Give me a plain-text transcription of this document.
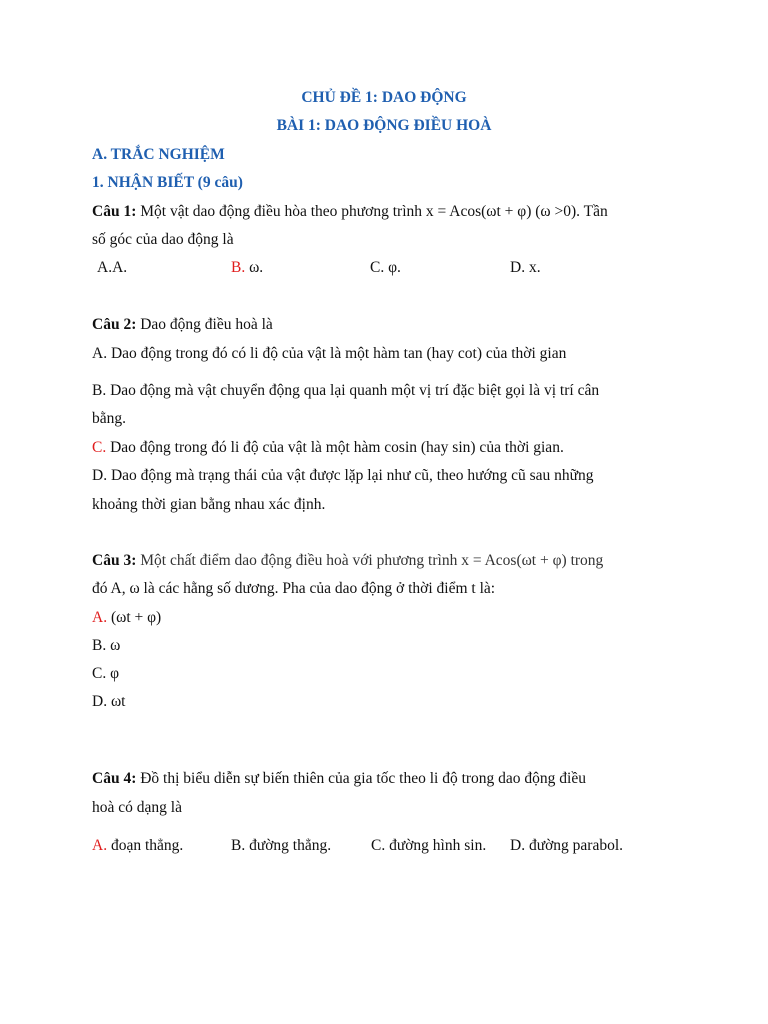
CHỦ ĐỀ 1: DAO ĐỘNG
BÀI 1: DAO ĐỘNG ĐIỀU HOÀ
A. TRẮC NGHIỆM
1. NHẬN BIẾT (9 câu)
Câu 1: Một vật dao động điều hòa theo phương trình x = Acos(ωt + φ) (ω >0). Tần
số góc của dao động là
A.A.	B. ω.	C. φ.	D. x.
Câu 2: Dao động điều hoà là
A. Dao động trong đó có li độ của vật là một hàm tan (hay cot) của thời gian
B. Dao động mà vật chuyển động qua lại quanh một vị trí đặc biệt gọi là vị trí cân
bằng.
C. Dao động trong đó li độ của vật là một hàm cosin (hay sin) của thời gian.
D. Dao động mà trạng thái của vật được lặp lại như cũ, theo hướng cũ sau những
khoảng thời gian bằng nhau xác định.
Câu 3: Một chất điểm dao động điều hoà với phương trình x = Acos(ωt + φ) trong
đó A, ω là các hằng số dương. Pha của dao động ở thời điểm t là:
A. (ωt + φ)
B. ω
C. φ
D. ωt
Câu 4: Đồ thị biểu diễn sự biến thiên của gia tốc theo li độ trong dao động điều
hoà có dạng là
A. đoạn thẳng.	B. đường thẳng.	C. đường hình sin. D. đường parabol.
